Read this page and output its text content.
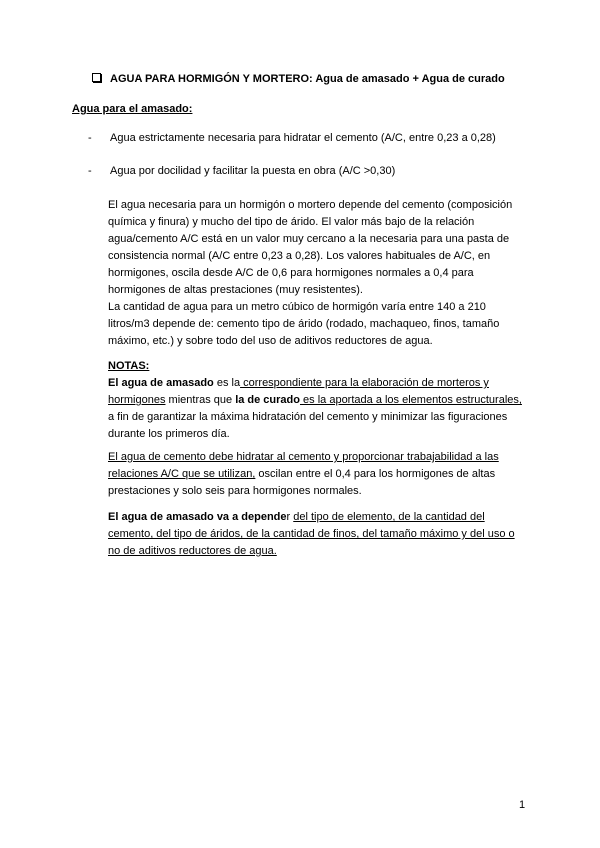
AGUA PARA HORMIGÓN Y MORTERO: Agua de amasado + Agua de curado
Agua para el amasado:
- Agua estrictamente necesaria para hidratar el cemento (A/C, entre 0,23 a 0,28)
- Agua por docilidad y facilitar la puesta en obra (A/C >0,30)

El agua necesaria para un hormigón o mortero depende del cemento (composición química y finura) y mucho del tipo de árido. El valor más bajo de la relación agua/cemento A/C está en un valor muy cercano a la necesaria para una pasta de consistencia normal (A/C entre 0,23 a 0,28). Los valores habituales de A/C, en hormigones, oscila desde A/C de 0,6 para hormigones normales a 0,4 para hormigones de altas prestaciones (muy resistentes).

La cantidad de agua para un metro cúbico de hormigón varía entre 140 a 210 litros/m3 depende de: cemento tipo de árido (rodado, machaqueo, finos, tamaño máximo, etc.) y sobre todo del uso de aditivos reductores de agua.

NOTAS:
El agua de amasado es la correspondiente para la elaboración de morteros y hormigones mientras que la de curado es la aportada a los elementos estructurales, a fin de garantizar la máxima hidratación del cemento y minimizar las figuraciones durante los primeros día.
El agua de cemento debe hidratar al cemento y proporcionar trabajabilidad a las relaciones A/C que se utilizan, oscilan entre el 0,4 para los hormigones de altas prestaciones y solo seis para hormigones normales.
El agua de amasado va a depender del tipo de elemento, de la cantidad del cemento, del tipo de áridos, de la cantidad de finos, del tamaño máximo y del uso o no de aditivos reductores de agua.
1
